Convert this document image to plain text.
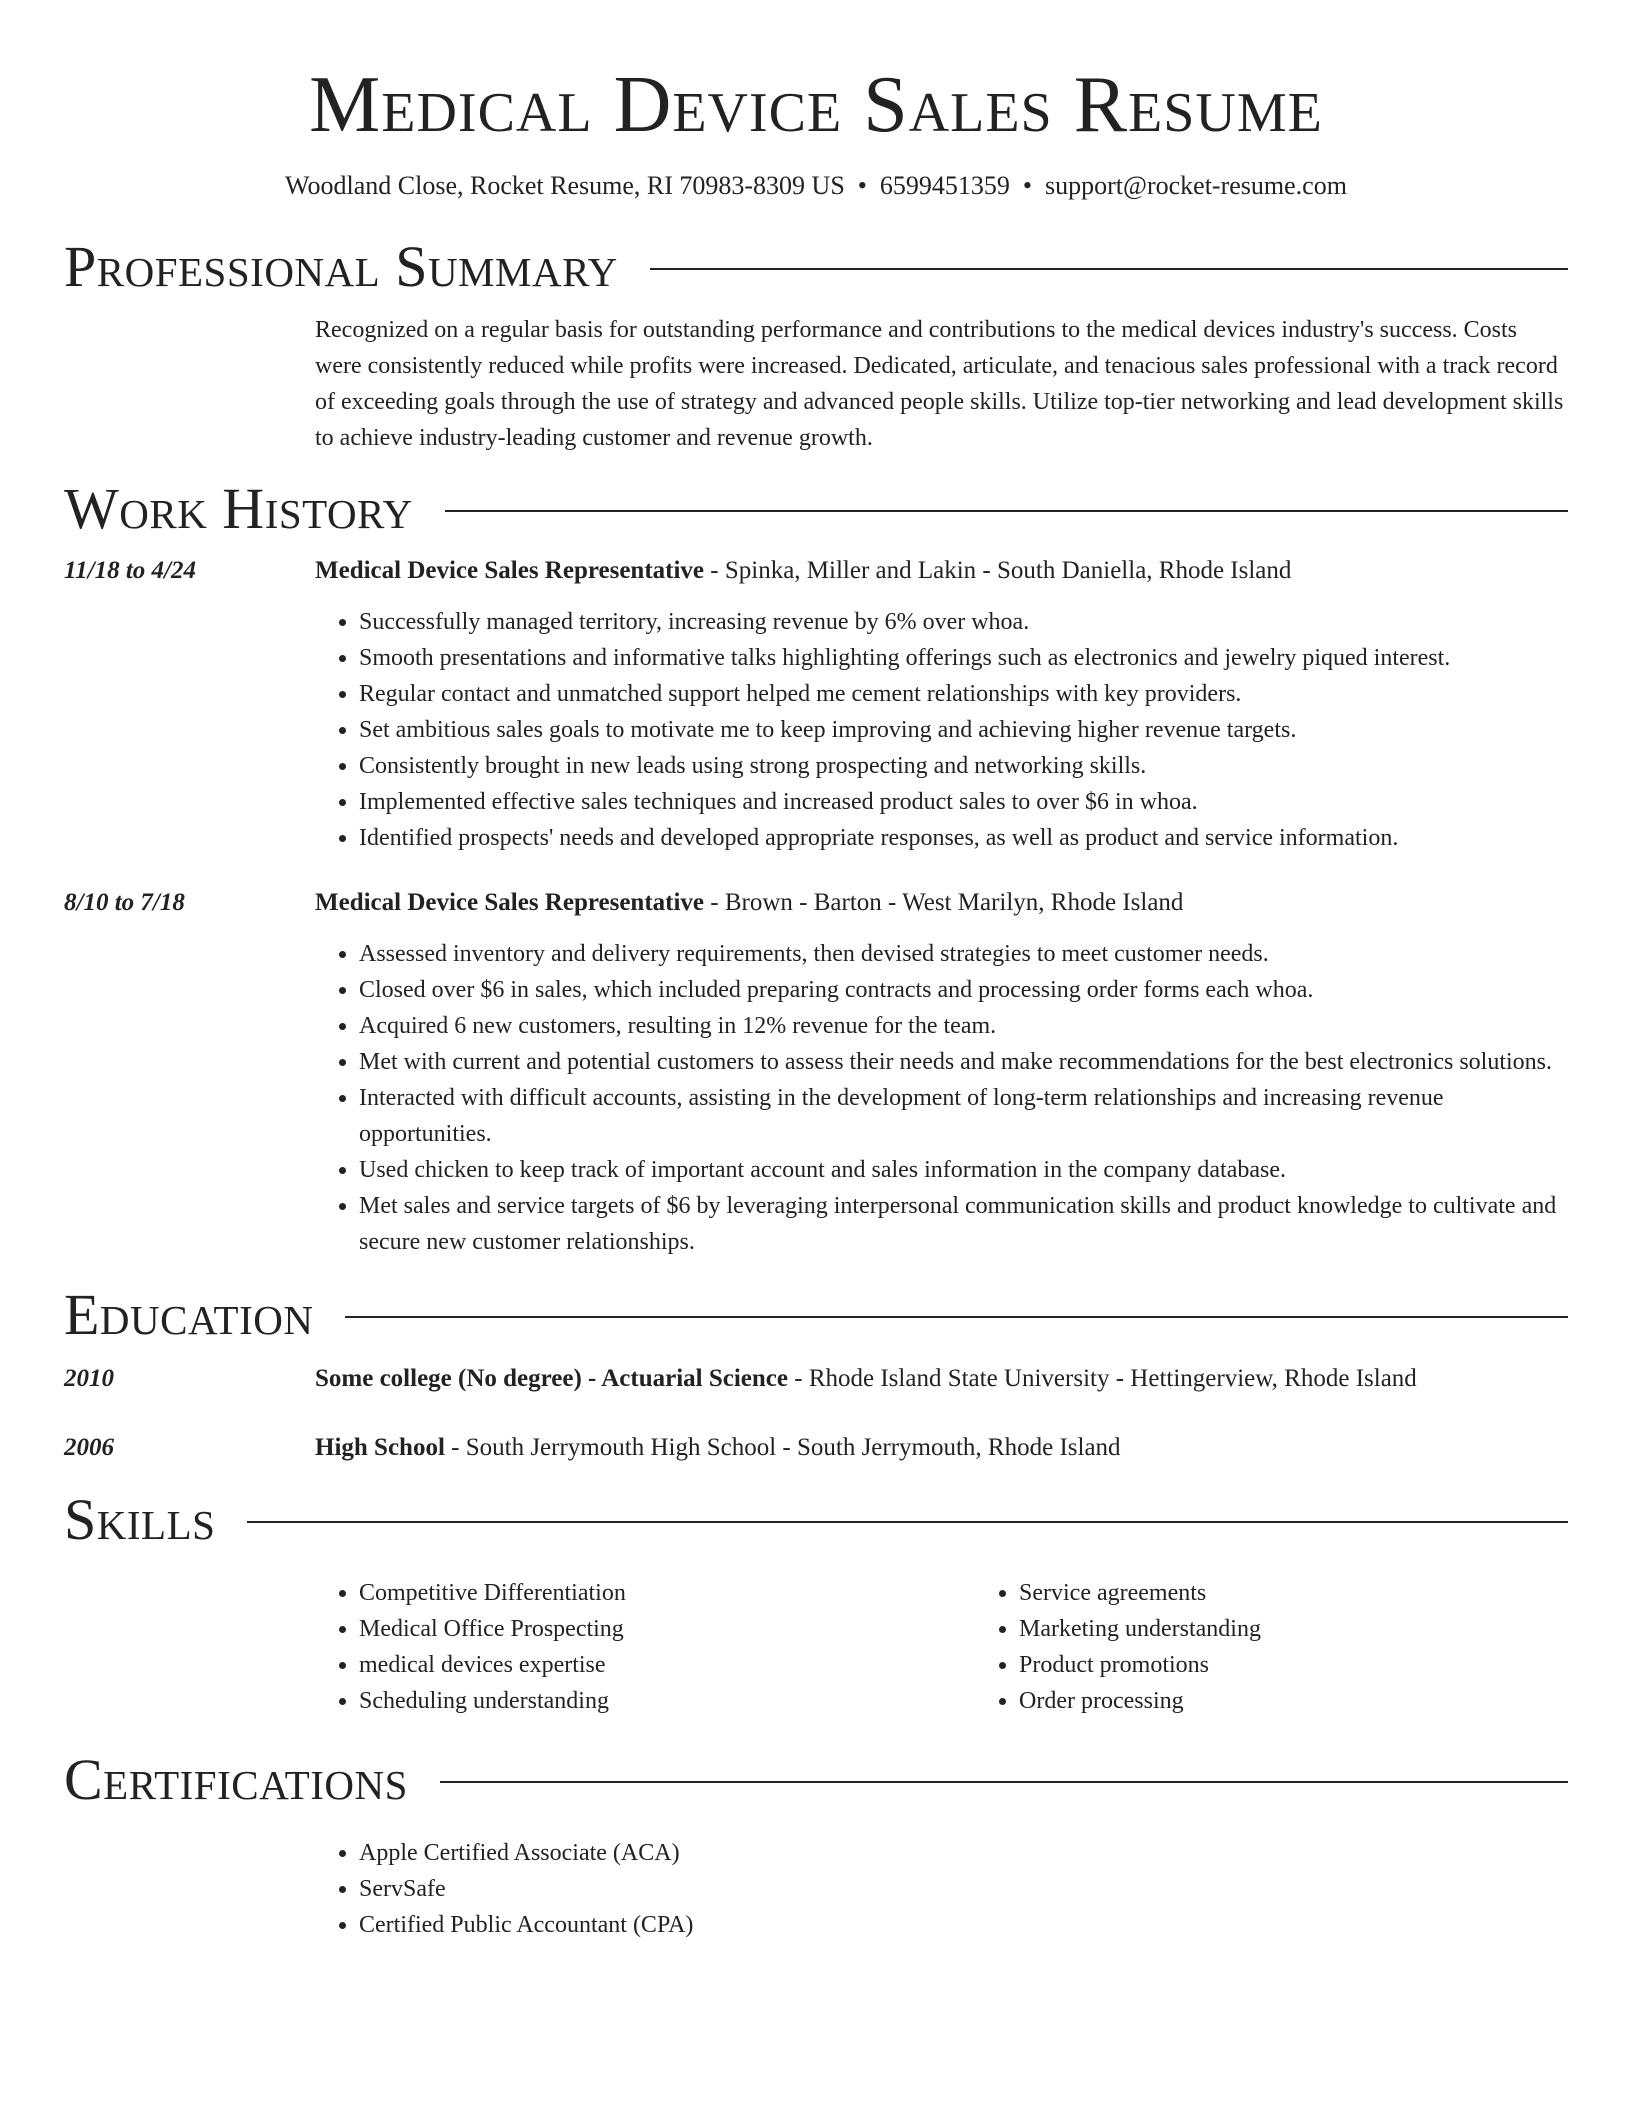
Medical Device Sales Resume
Woodland Close, Rocket Resume, RI 70983-8309 US • 6599451359 • support@rocket-resume.com
Professional Summary
Recognized on a regular basis for outstanding performance and contributions to the medical devices industry's success. Costs were consistently reduced while profits were increased. Dedicated, articulate, and tenacious sales professional with a track record of exceeding goals through the use of strategy and advanced people skills. Utilize top-tier networking and lead development skills to achieve industry-leading customer and revenue growth.
Work History
11/18 to 4/24	Medical Device Sales Representative - Spinka, Miller and Lakin - South Daniella, Rhode Island
• Successfully managed territory, increasing revenue by 6% over whoa.
• Smooth presentations and informative talks highlighting offerings such as electronics and jewelry piqued interest.
• Regular contact and unmatched support helped me cement relationships with key providers.
• Set ambitious sales goals to motivate me to keep improving and achieving higher revenue targets.
• Consistently brought in new leads using strong prospecting and networking skills.
• Implemented effective sales techniques and increased product sales to over $6 in whoa.
• Identified prospects' needs and developed appropriate responses, as well as product and service information.
8/10 to 7/18	Medical Device Sales Representative - Brown - Barton - West Marilyn, Rhode Island
• Assessed inventory and delivery requirements, then devised strategies to meet customer needs.
• Closed over $6 in sales, which included preparing contracts and processing order forms each whoa.
• Acquired 6 new customers, resulting in 12% revenue for the team.
• Met with current and potential customers to assess their needs and make recommendations for the best electronics solutions.
• Interacted with difficult accounts, assisting in the development of long-term relationships and increasing revenue opportunities.
• Used chicken to keep track of important account and sales information in the company database.
• Met sales and service targets of $6 by leveraging interpersonal communication skills and product knowledge to cultivate and secure new customer relationships.
Education
2010	Some college (No degree) - Actuarial Science - Rhode Island State University - Hettingerview, Rhode Island
2006	High School - South Jerrymouth High School - South Jerrymouth, Rhode Island
Skills
• Competitive Differentiation
• Medical Office Prospecting
• medical devices expertise
• Scheduling understanding
• Service agreements
• Marketing understanding
• Product promotions
• Order processing
Certifications
• Apple Certified Associate (ACA)
• ServSafe
• Certified Public Accountant (CPA)
